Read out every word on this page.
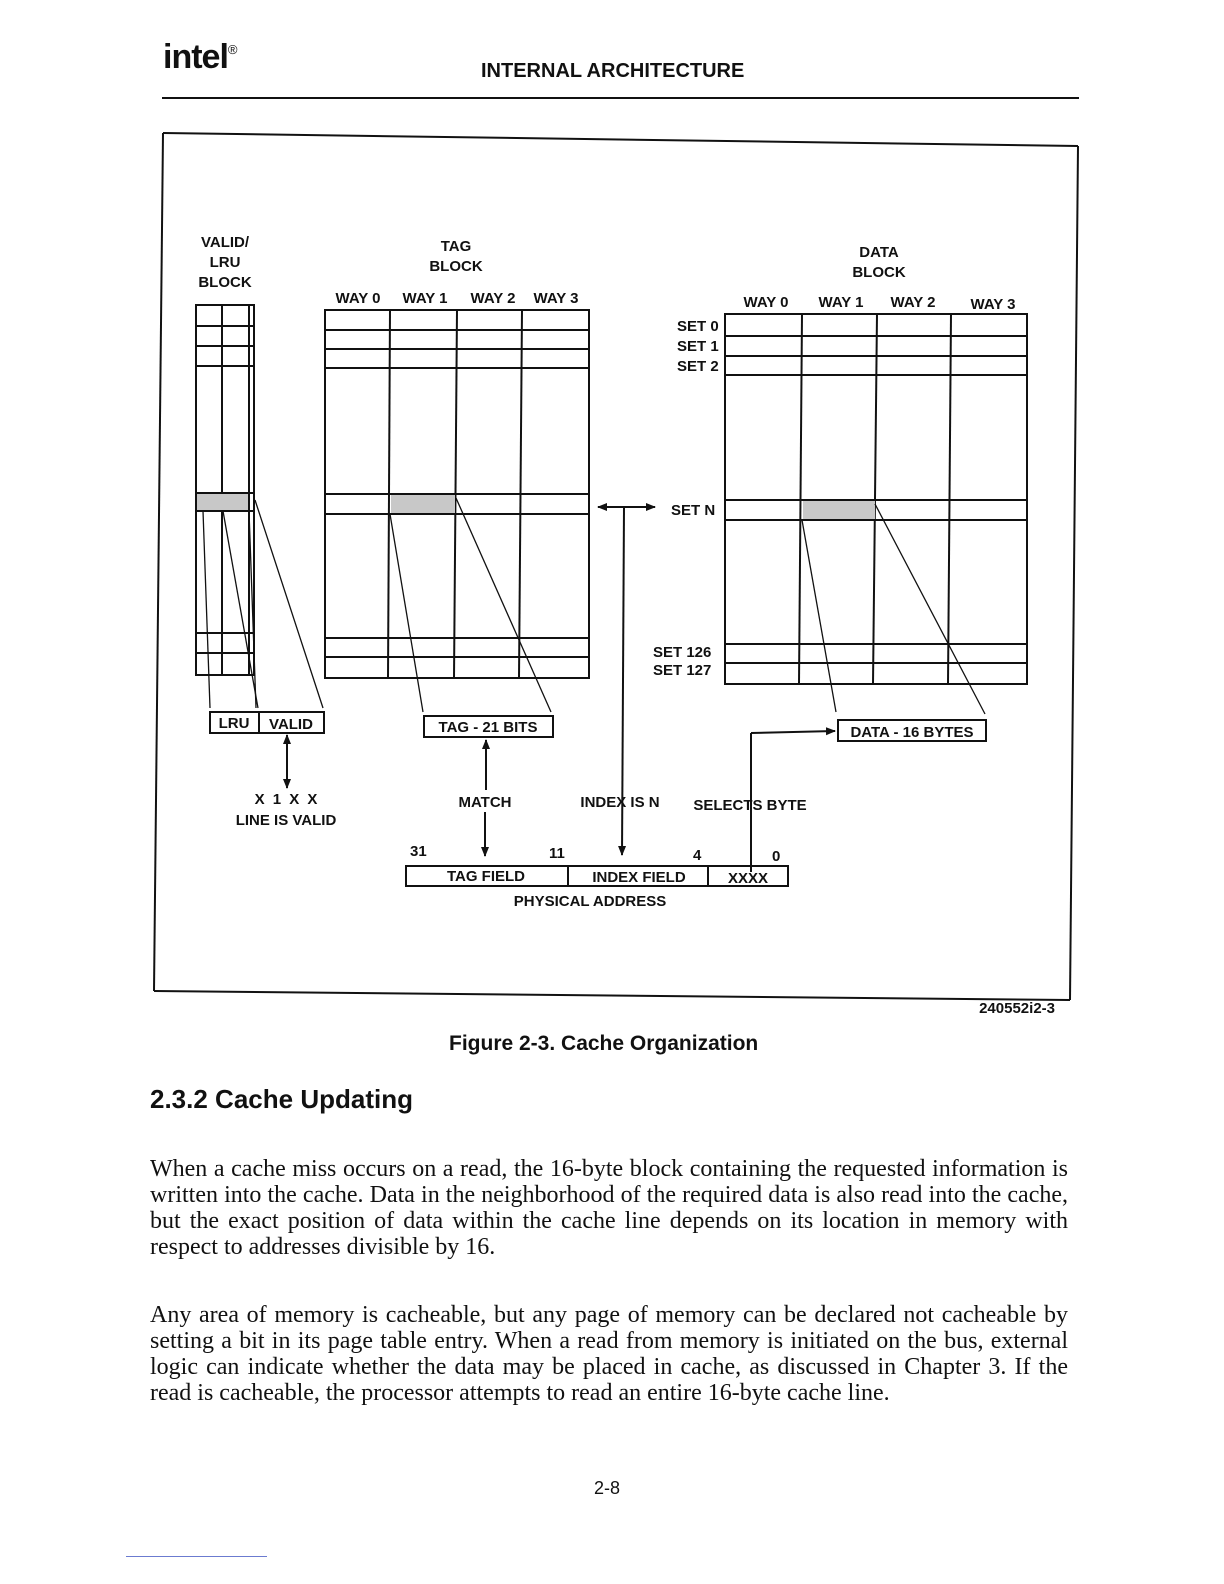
intel®
INTERNAL ARCHITECTURE
VALID/
LRU
BLOCK
TAG
BLOCK
DATA
BLOCK
WAY 0 WAY 1 WAY 2 WAY 3	WAY 0 WAY 1 WAY 2 WAY 3
SET 0
SET 1
SET 2
SET N
SET 126
SET 127
LRU VALID
X 1 X X
LINE IS VALID
TAG - 21 BITS
MATCH
DATA - 16 BYTES
INDEX IS N SELECTS BYTE
31	11	4	0
TAG FIELD	INDEX FIELD	XXXX
PHYSICAL ADDRESS
240552i2-3
Figure 2-3. Cache Organization
2.3.2 Cache Updating

When a cache miss occurs on a read, the 16-byte block containing the requested information is written into the cache. Data in the neighborhood of the required data is also read into the cache, but the exact position of data within the cache line depends on its location in memory with respect to addresses divisible by 16.

Any area of memory is cacheable, but any page of memory can be declared not cacheable by setting a bit in its page table entry. When a read from memory is initiated on the bus, external logic can indicate whether the data may be placed in cache, as discussed in Chapter 3. If the read is cacheable, the processor attempts to read an entire 16-byte cache line.

2-8
